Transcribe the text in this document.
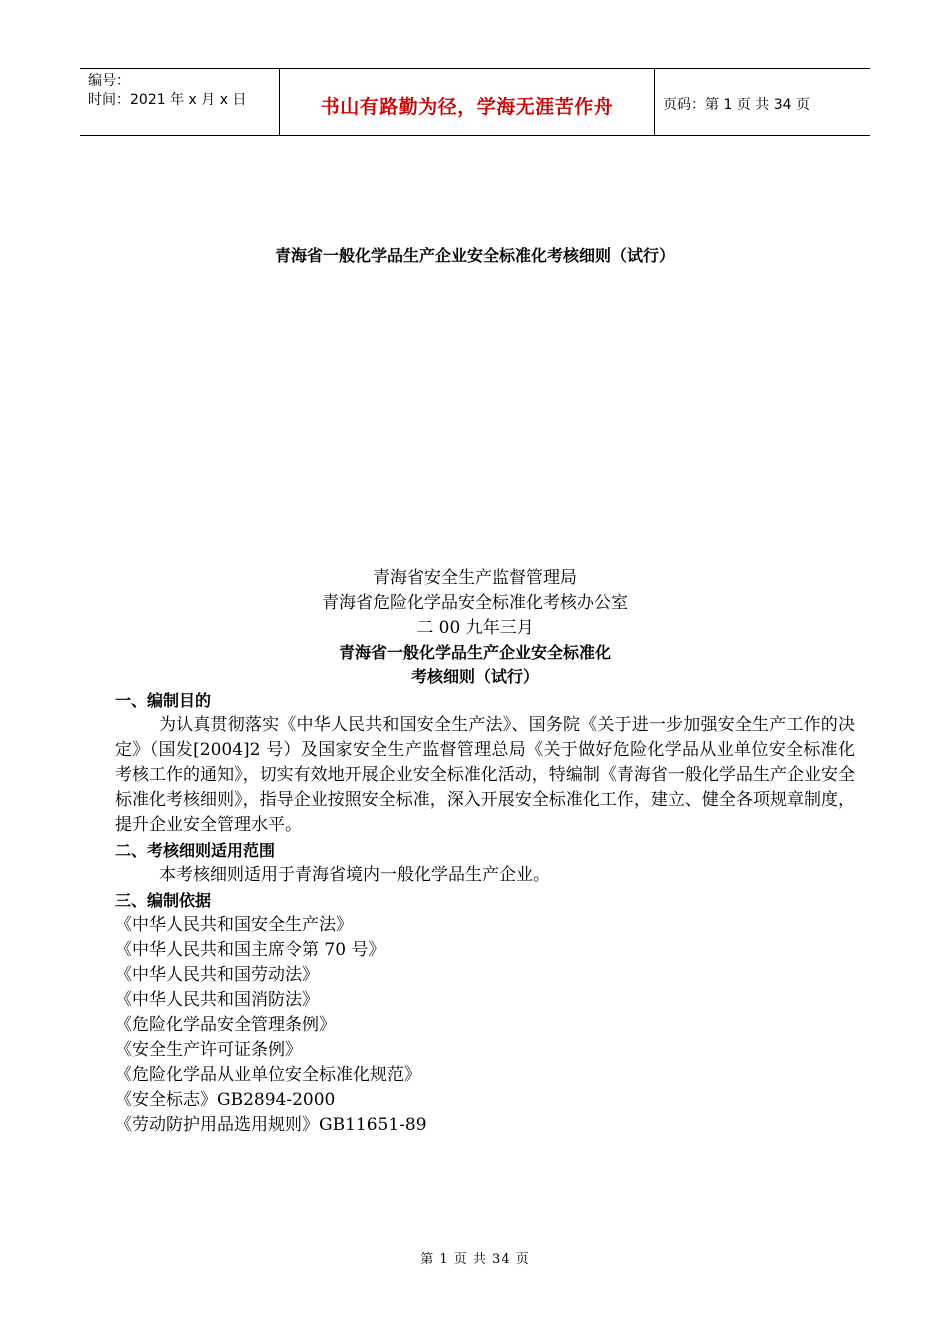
编号：
时间：2021 年 x 月 x 日	书山有路勤为径，学海无涯苦作舟	页码：第 1 页 共 34 页
青海省一般化学品生产企业安全标准化考核细则（试行）
青海省安全生产监督管理局
青海省危险化学品安全标准化考核办公室
二 00 九年三月
青海省一般化学品生产企业安全标准化
考核细则（试行）
一、编制目的
为认真贯彻落实《中华人民共和国安全生产法》、国务院《关于进一步加强安全生产工作的决定》（国发[2004]2 号）及国家安全生产监督管理总局《关于做好危险化学品从业单位安全标准化考核工作的通知》，切实有效地开展企业安全标准化活动，特编制《青海省一般化学品生产企业安全标准化考核细则》，指导企业按照安全标准，深入开展安全标准化工作，建立、健全各项规章制度，提升企业安全管理水平。
二、考核细则适用范围
本考核细则适用于青海省境内一般化学品生产企业。
三、编制依据
《中华人民共和国安全生产法》
《中华人民共和国主席令第 70 号》
《中华人民共和国劳动法》
《中华人民共和国消防法》
《危险化学品安全管理条例》
《安全生产许可证条例》
《危险化学品从业单位安全标准化规范》
《安全标志》GB2894-2000
《劳动防护用品选用规则》GB11651-89
第 1 页 共 34 页
